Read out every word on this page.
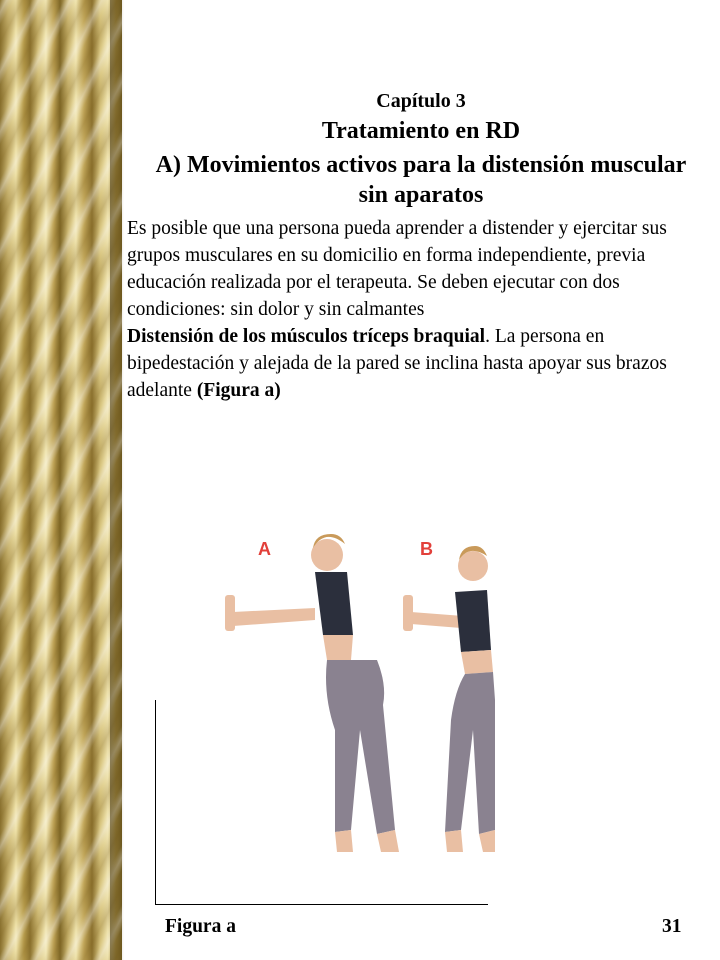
Capítulo 3
Tratamiento en RD
A) Movimientos activos para la distensión muscular sin aparatos

Es posible que una persona pueda aprender a distender y ejercitar sus grupos musculares en su domicilio en forma independiente, previa educación realizada por el terapeuta. Se deben ejecutar con dos condiciones: sin dolor y sin calmantes

Distensión de los músculos tríceps braquial. La persona en bipedestación y alejada de la pared se inclina hasta apoyar sus brazos adelante (Figura a)

A	B
Figura a	31
